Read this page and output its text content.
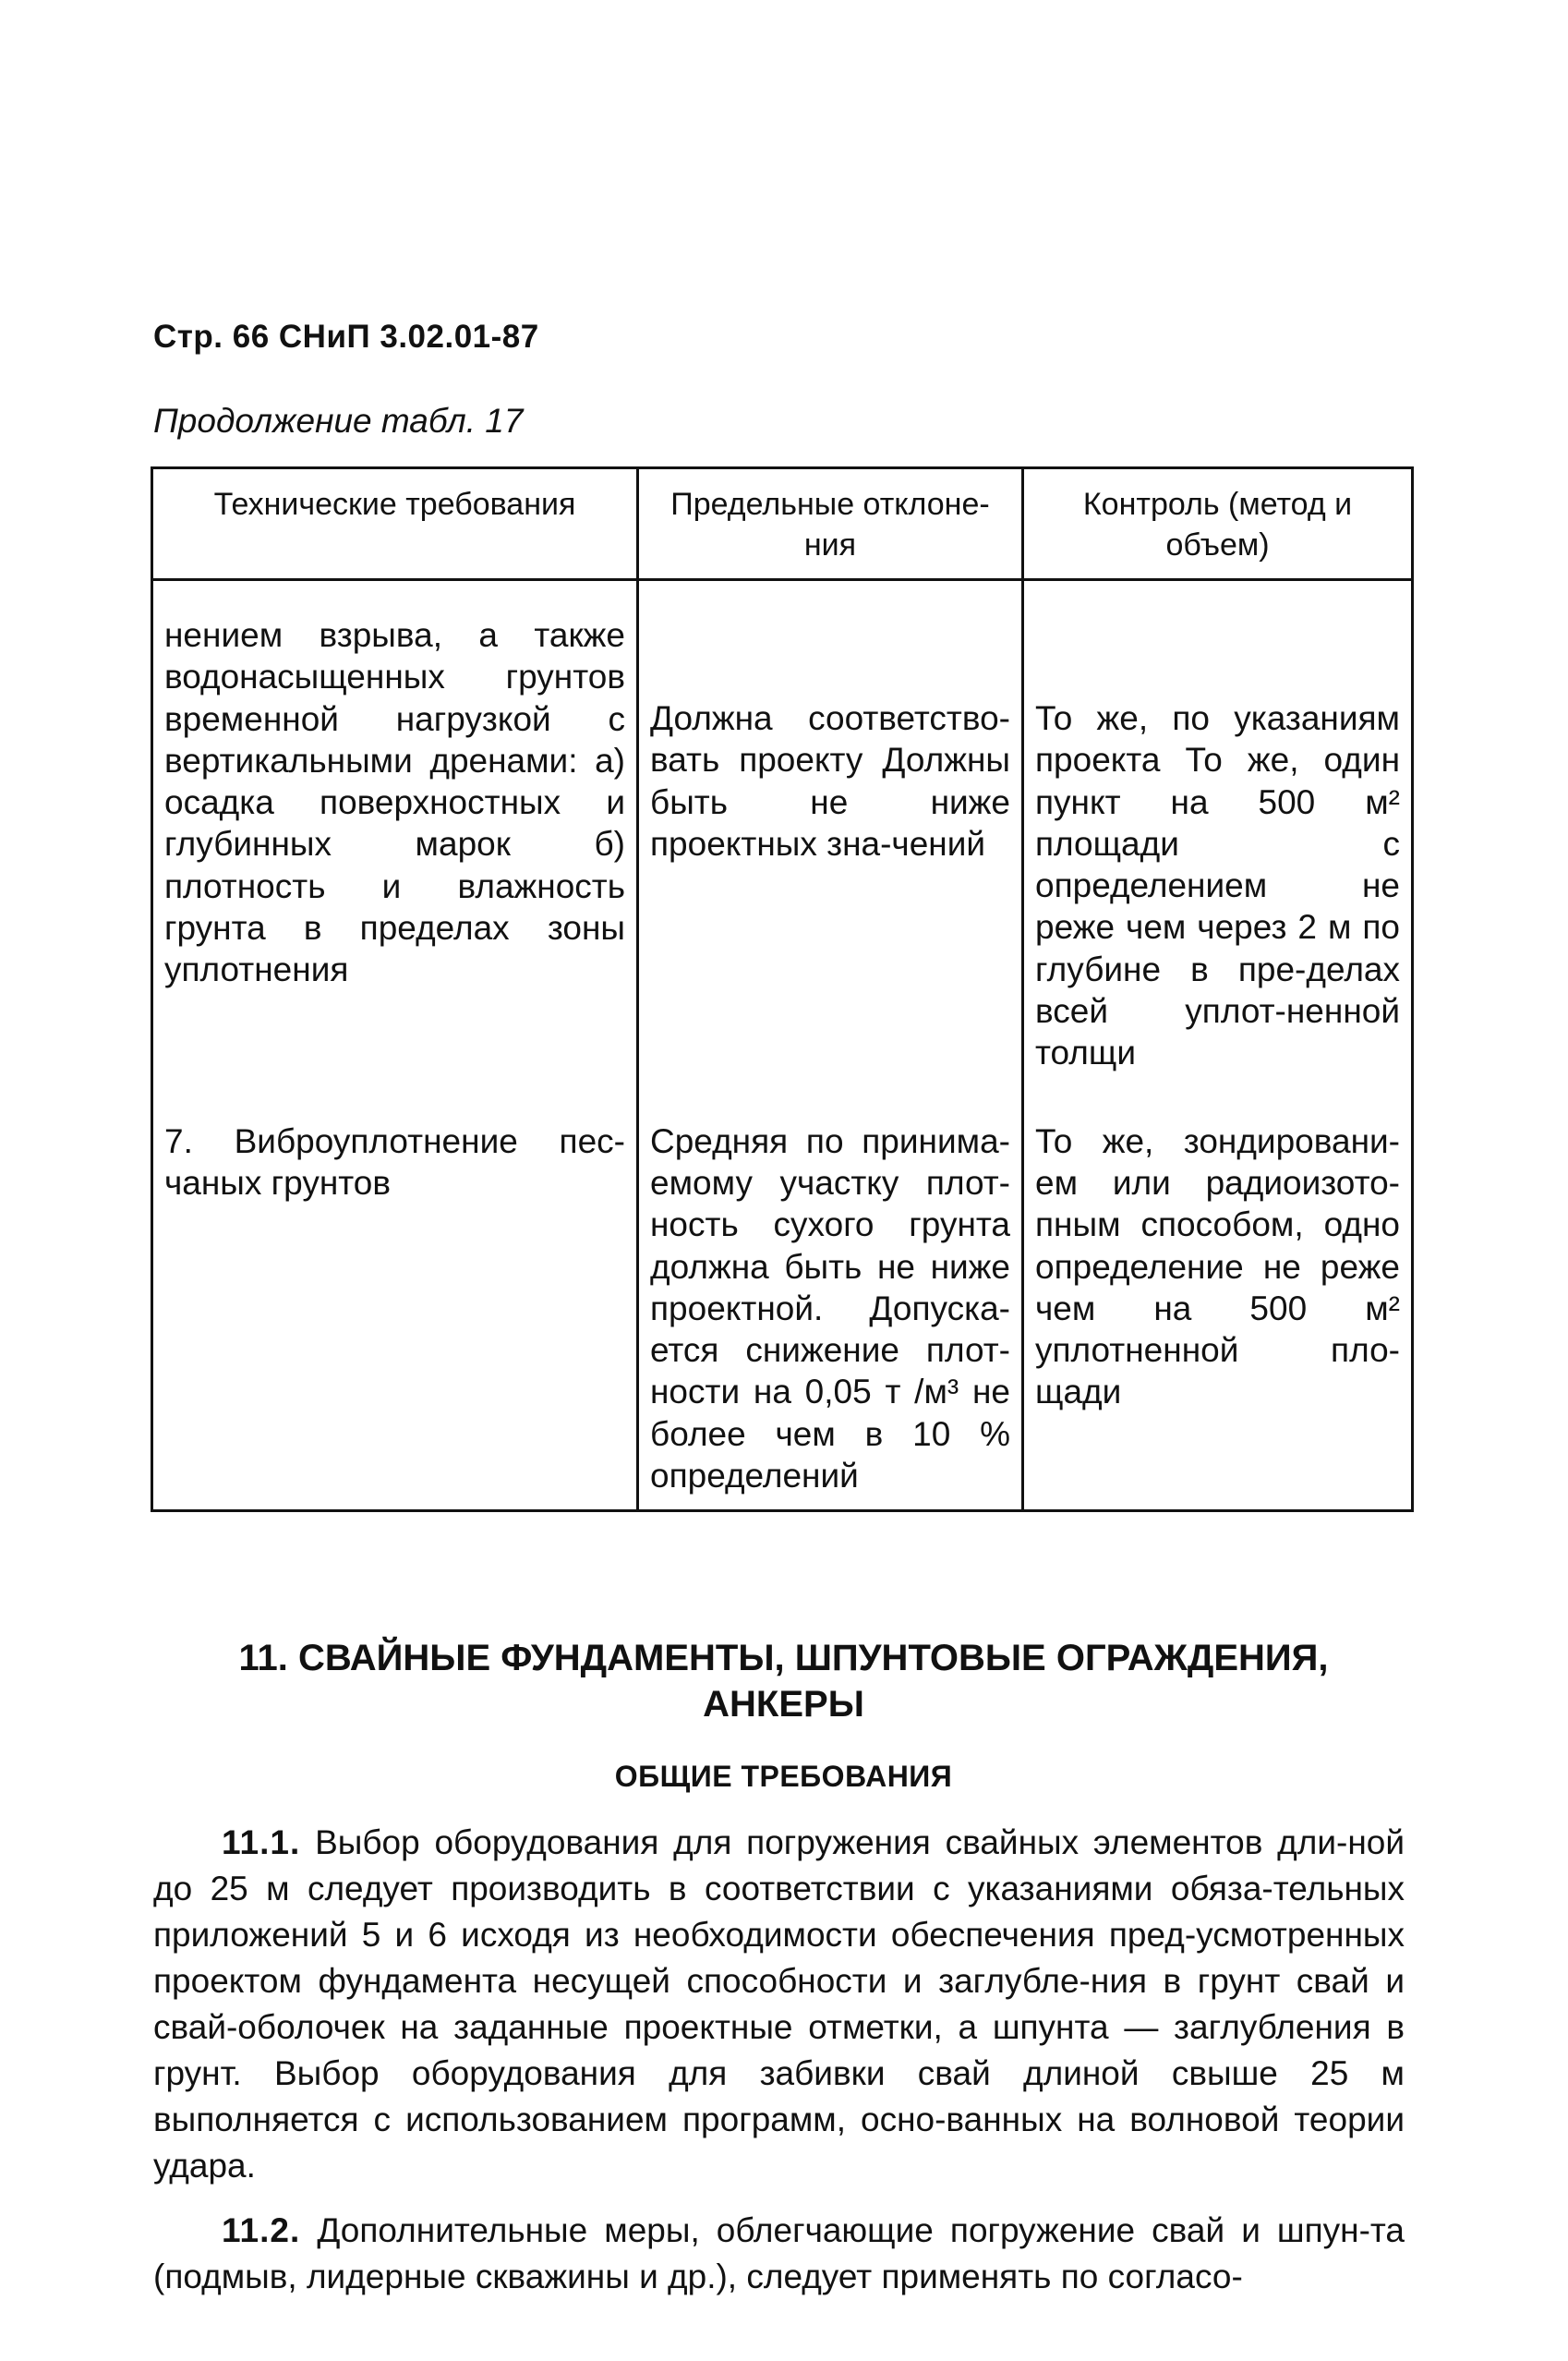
Стр. 66 СНиП 3.02.01-87
Продолжение табл. 17
Технические требования	Предельные отклоне-ния	Контроль (метод и объем)
нением взрыва, а также водонасыщенных грунтов временной нагрузкой с вертикальными дренами: а) осадка поверхностных и глубинных марок б) плотность и влажность грунта в пределах зоны уплотнения	Должна соответство-вать проекту Должны быть не ниже проектных зна-чений	То же, по указаниям проекта То же, один пункт на 500 м² площади с определением не реже чем через 2 м по глубине в пре-делах всей уплот-ненной толщи
7. Виброуплотнение пес-чаных грунтов	Средняя по принима-емому участку плот-ность сухого грунта должна быть не ниже проектной. Допуска-ется снижение плот-ности на 0,05 т /м³ не более чем в 10 % определений	То же, зондировани-ем или радиоизото-пным способом, одно определение не реже чем на 500 м² уплотненной пло-щади
11. СВАЙНЫЕ ФУНДАМЕНТЫ, ШПУНТОВЫЕ ОГРАЖДЕНИЯ, АНКЕРЫ
ОБЩИЕ ТРЕБОВАНИЯ
11.1. Выбор оборудования для погружения свайных элементов дли-ной до 25 м следует производить в соответствии с указаниями обяза-тельных приложений 5 и 6 исходя из необходимости обеспечения пред-усмотренных проектом фундамента несущей способности и заглубле-ния в грунт свай и свай-оболочек на заданные проектные отметки, а шпунта — заглубления в грунт. Выбор оборудования для забивки свай длиной свыше 25 м выполняется с использованием программ, осно-ванных на волновой теории удара.
11.2. Дополнительные меры, облегчающие погружение свай и шпун-та (подмыв, лидерные скважины и др.), следует применять по согласо-
